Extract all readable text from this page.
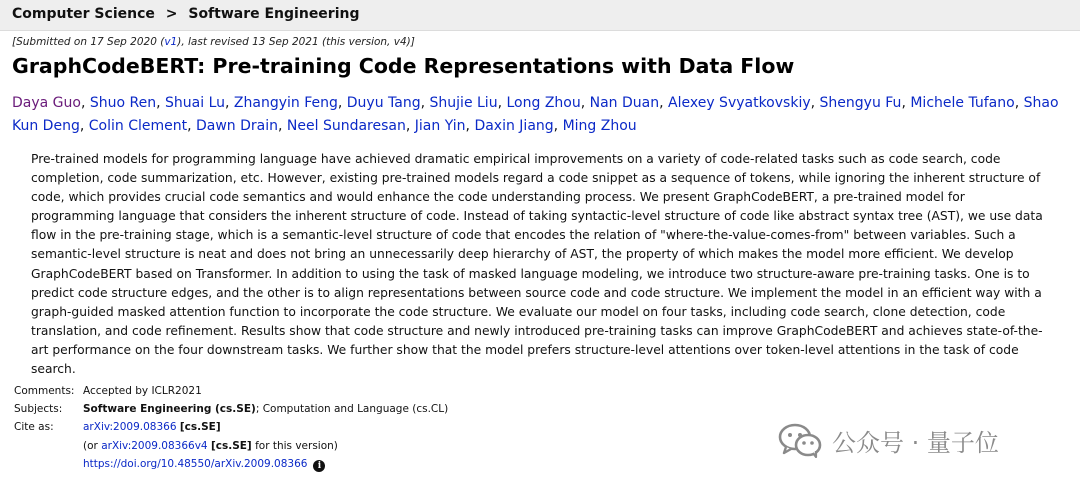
Computer Science > Software Engineering
[Submitted on 17 Sep 2020 (v1), last revised 13 Sep 2021 (this version, v4)]
GraphCodeBERT: Pre-training Code Representations with Data Flow
Daya Guo, Shuo Ren, Shuai Lu, Zhangyin Feng, Duyu Tang, Shujie Liu, Long Zhou, Nan Duan, Alexey Svyatkovskiy, Shengyu Fu, Michele Tufano, Shao Kun Deng, Colin Clement, Dawn Drain, Neel Sundaresan, Jian Yin, Daxin Jiang, Ming Zhou

Pre-trained models for programming language have achieved dramatic empirical improvements on a variety of code-related tasks such as code search, code completion, code summarization, etc. However, existing pre-trained models regard a code snippet as a sequence of tokens, while ignoring the inherent structure of code, which provides crucial code semantics and would enhance the code understanding process. We present GraphCodeBERT, a pre-trained model for programming language that considers the inherent structure of code. Instead of taking syntactic-level structure of code like abstract syntax tree (AST), we use data flow in the pre-training stage, which is a semantic-level structure of code that encodes the relation of "where-the-value-comes-from" between variables. Such a semantic-level structure is neat and does not bring an unnecessarily deep hierarchy of AST, the property of which makes the model more efficient. We develop GraphCodeBERT based on Transformer. In addition to using the task of masked language modeling, we introduce two structure-aware pre-training tasks. One is to predict code structure edges, and the other is to align representations between source code and code structure. We implement the model in an efficient way with a graph-guided masked attention function to incorporate the code structure. We evaluate our model on four tasks, including code search, clone detection, code translation, and code refinement. Results show that code structure and newly introduced pre-training tasks can improve GraphCodeBERT and achieves state-of-the-art performance on the four downstream tasks. We further show that the model prefers structure-level attentions over token-level attentions in the task of code search.

Comments: Accepted by ICLR2021
Subjects: Software Engineering (cs.SE); Computation and Language (cs.CL)
Cite as:	arXiv:2009.08366 [cs.SE]
(or arXiv:2009.08366v4 [cs.SE] for this version)
https://doi.org/10.48550/arXiv.2009.08366 i
公众号 · 量子位
